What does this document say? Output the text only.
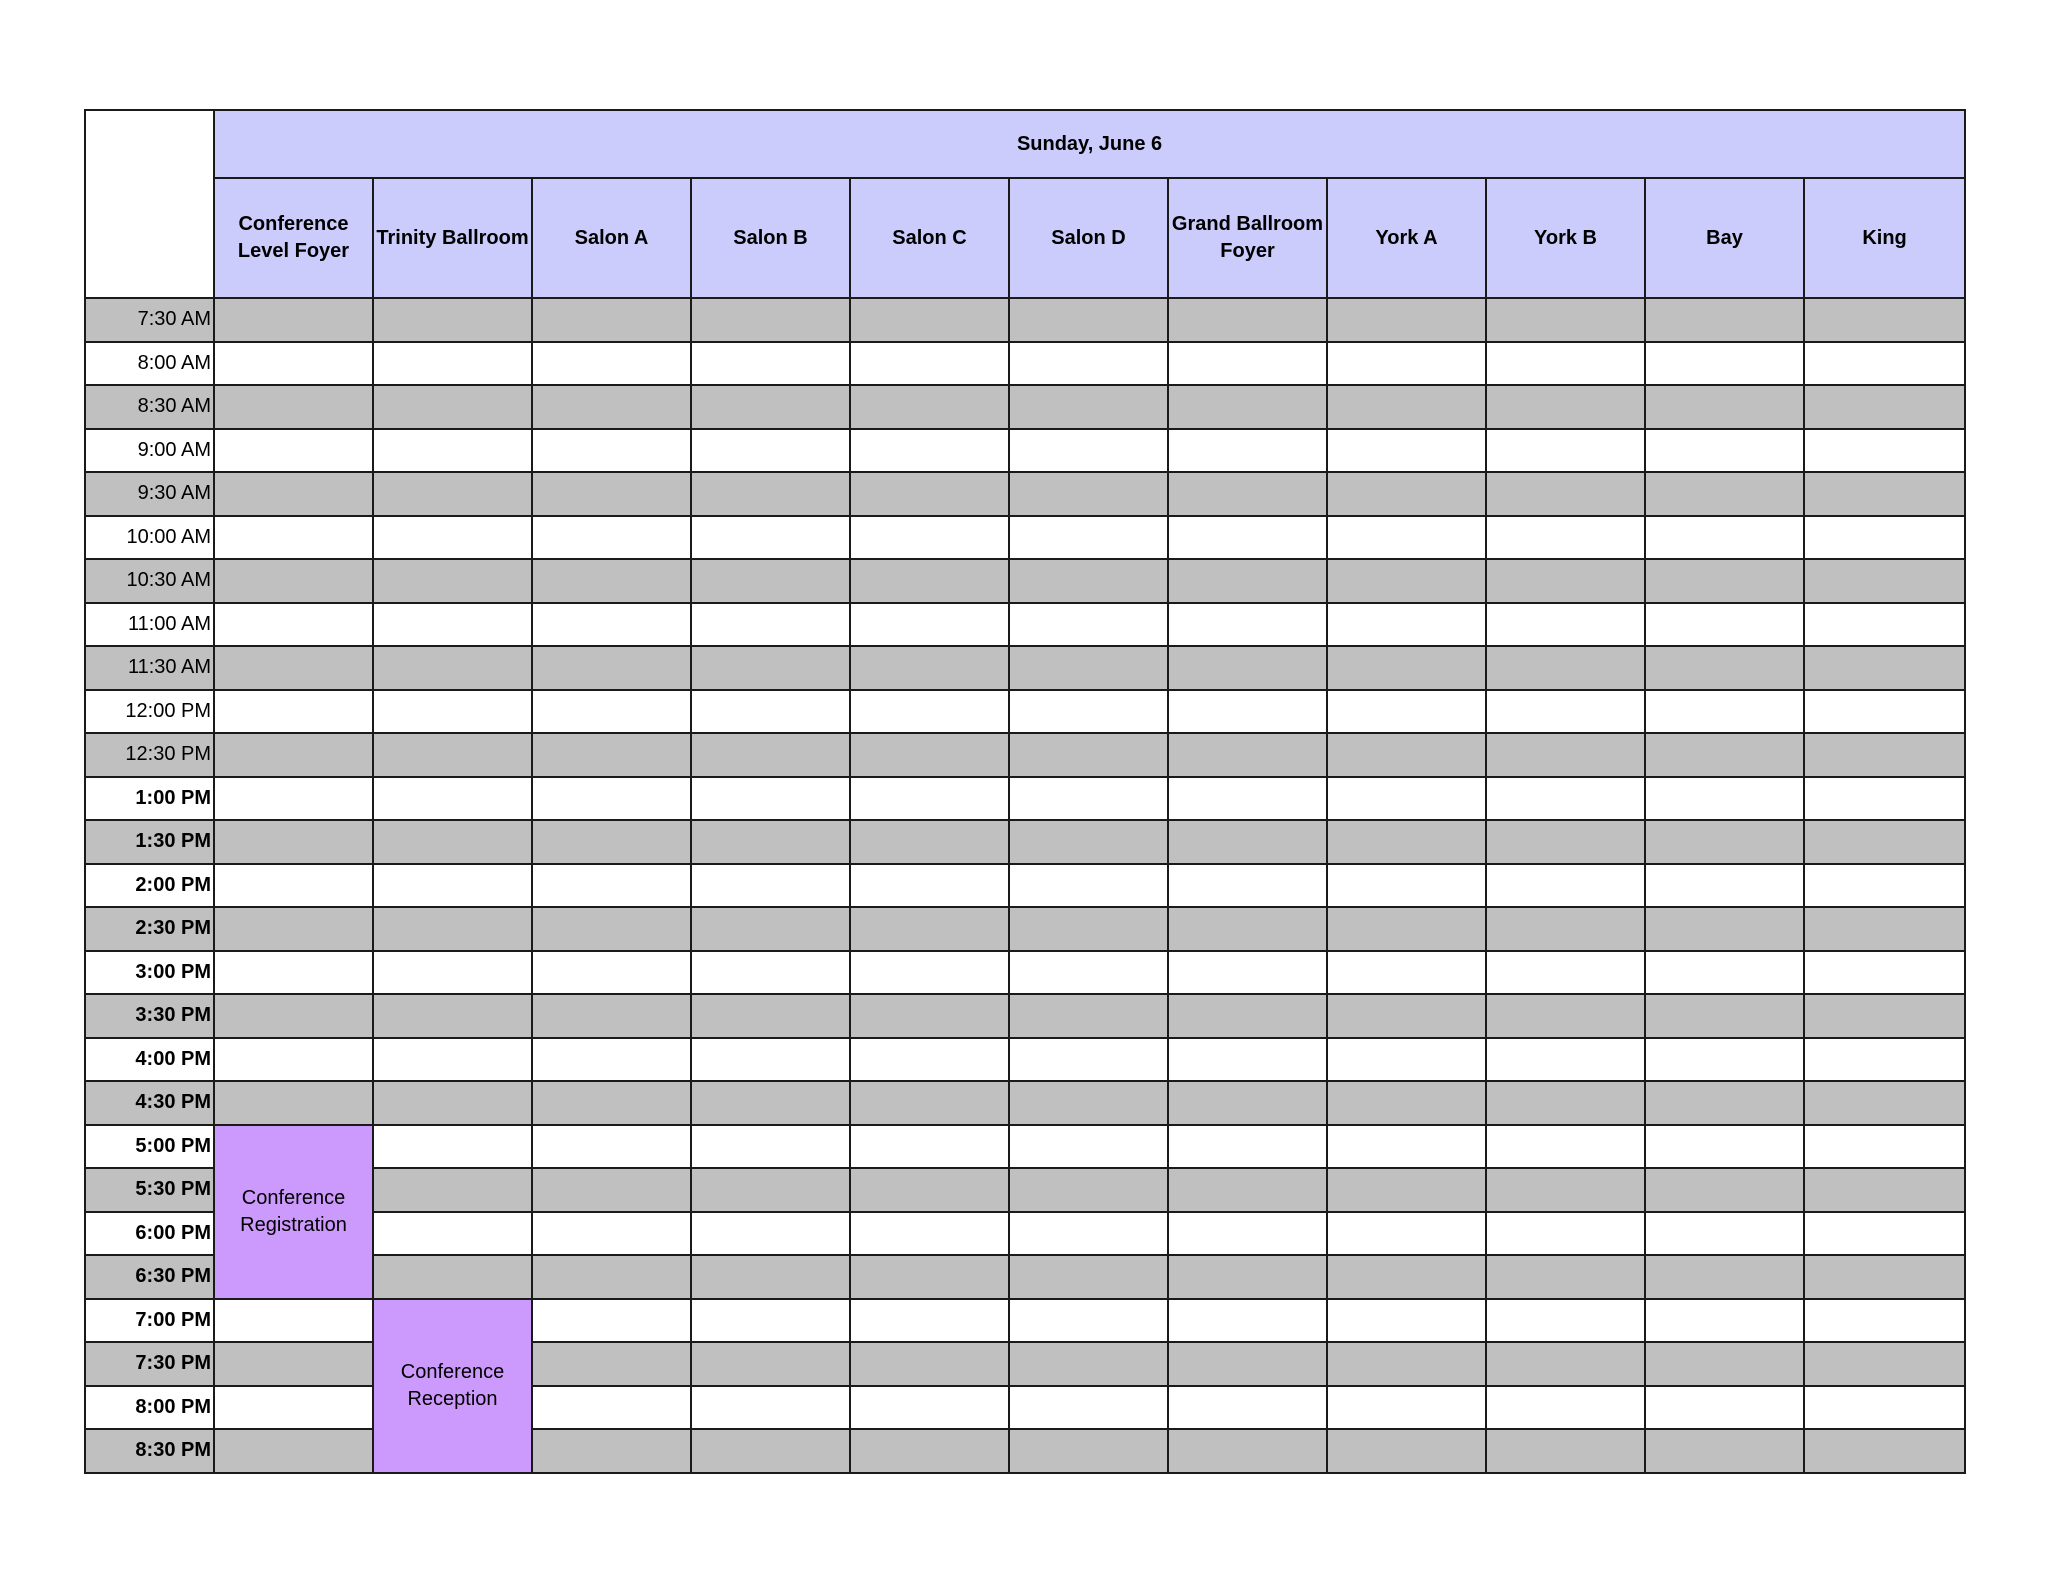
	Sunday, June 6										
	Conference Level Foyer	Trinity Ballroom	Salon A	Salon B	Salon C	Salon D	Grand Ballroom Foyer	York A	York B	Bay	King
7:30 AM											
8:00 AM											
8:30 AM											
9:00 AM											
9:30 AM											
10:00 AM											
10:30 AM											
11:00 AM											
11:30 AM											
12:00 PM											
12:30 PM											
1:00 PM											
1:30 PM											
2:00 PM											
2:30 PM											
3:00 PM											
3:30 PM											
4:00 PM											
4:30 PM											
5:00 PM	Conference Registration										
5:30 PM											
6:00 PM											
6:30 PM											
7:00 PM		Conference Reception									
7:30 PM											
8:00 PM											
8:30 PM											
